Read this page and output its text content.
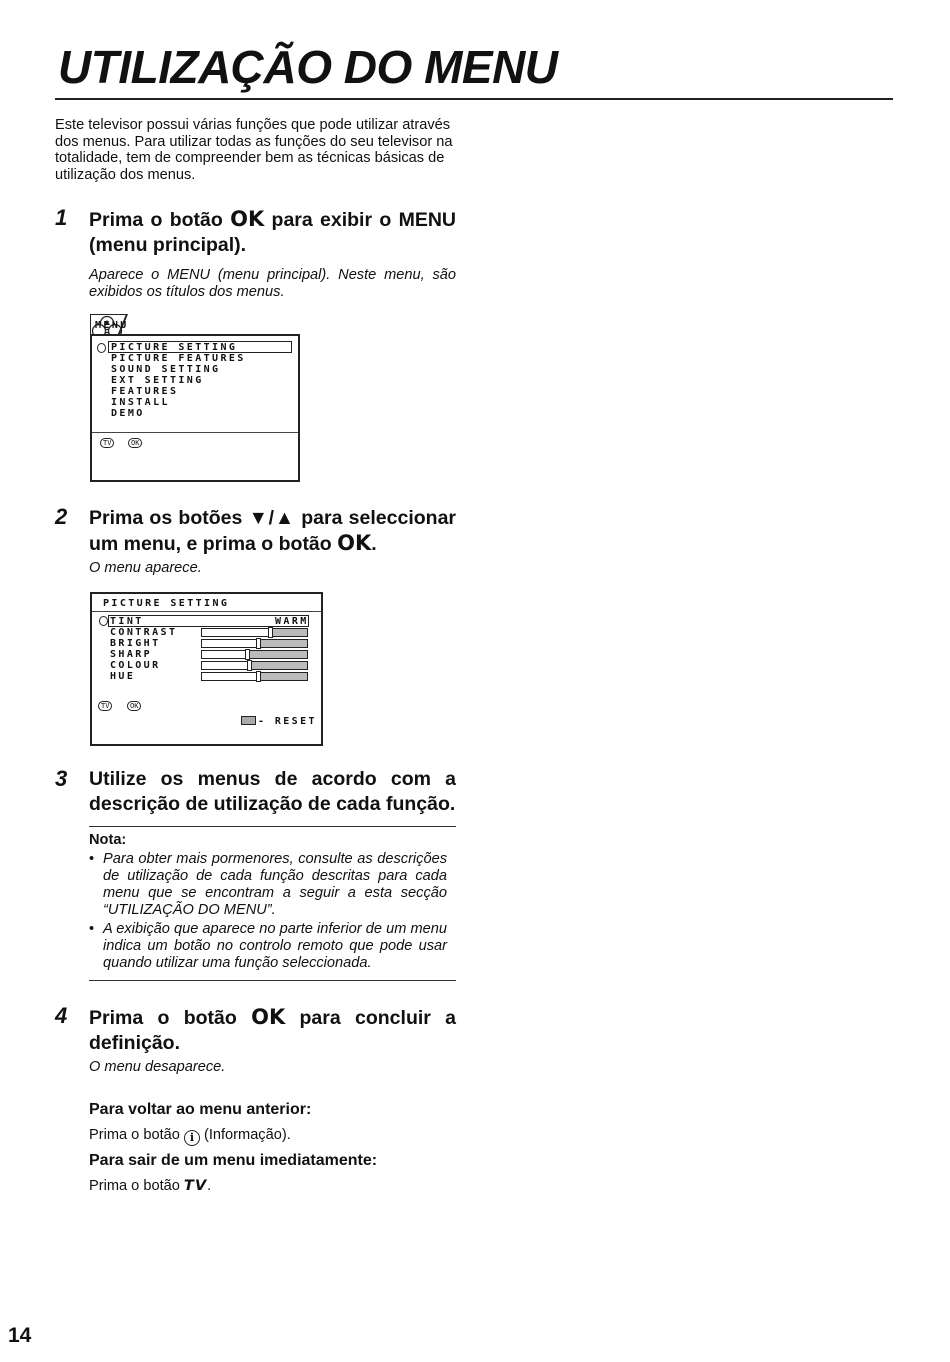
UTILIZAÇÃO DO MENU

Este televisor possui várias funções que pode utilizar através dos menus. Para utilizar todas as funções do seu televisor na totalidade, tem de compreender bem as técnicas básicas de utilização dos menus.

1 Prima o botão OK para exibir o MENU (menu principal).

Aparece o MENU (menu principal). Neste menu, são exibidos os títulos dos menus.

MENU
PICTURE SETTING
PICTURE FEATURES
SOUND SETTING
EXT SETTING
FEATURES
INSTALL
DEMO
TV	OK
2 Prima os botões ▼/▲ para seleccionar um menu, e prima o botão OK.

O menu aparece.

PICTURE SETTING
TINT	WARM
CONTRAST
BRIGHT
SHARP
COLOUR
HUE
TV	OK
- RESET
3 Utilize os menus de acordo com a descrição de utilização de cada função.

Nota:

• Para obter mais pormenores, consulte as descrições de utilização de cada função descritas para cada menu que se encontram a seguir a esta secção “UTILIZAÇÃO DO MENU”.

• A exibição que aparece no parte inferior de um menu indica um botão no controlo remoto que pode usar quando utilizar uma função seleccionada.

4 Prima o botão OK para concluir a definição.

O menu desaparece.

Para voltar ao menu anterior:

Prima o botão i (Informação).

Para sair de um menu imediatamente:

Prima o botão TV.

14
